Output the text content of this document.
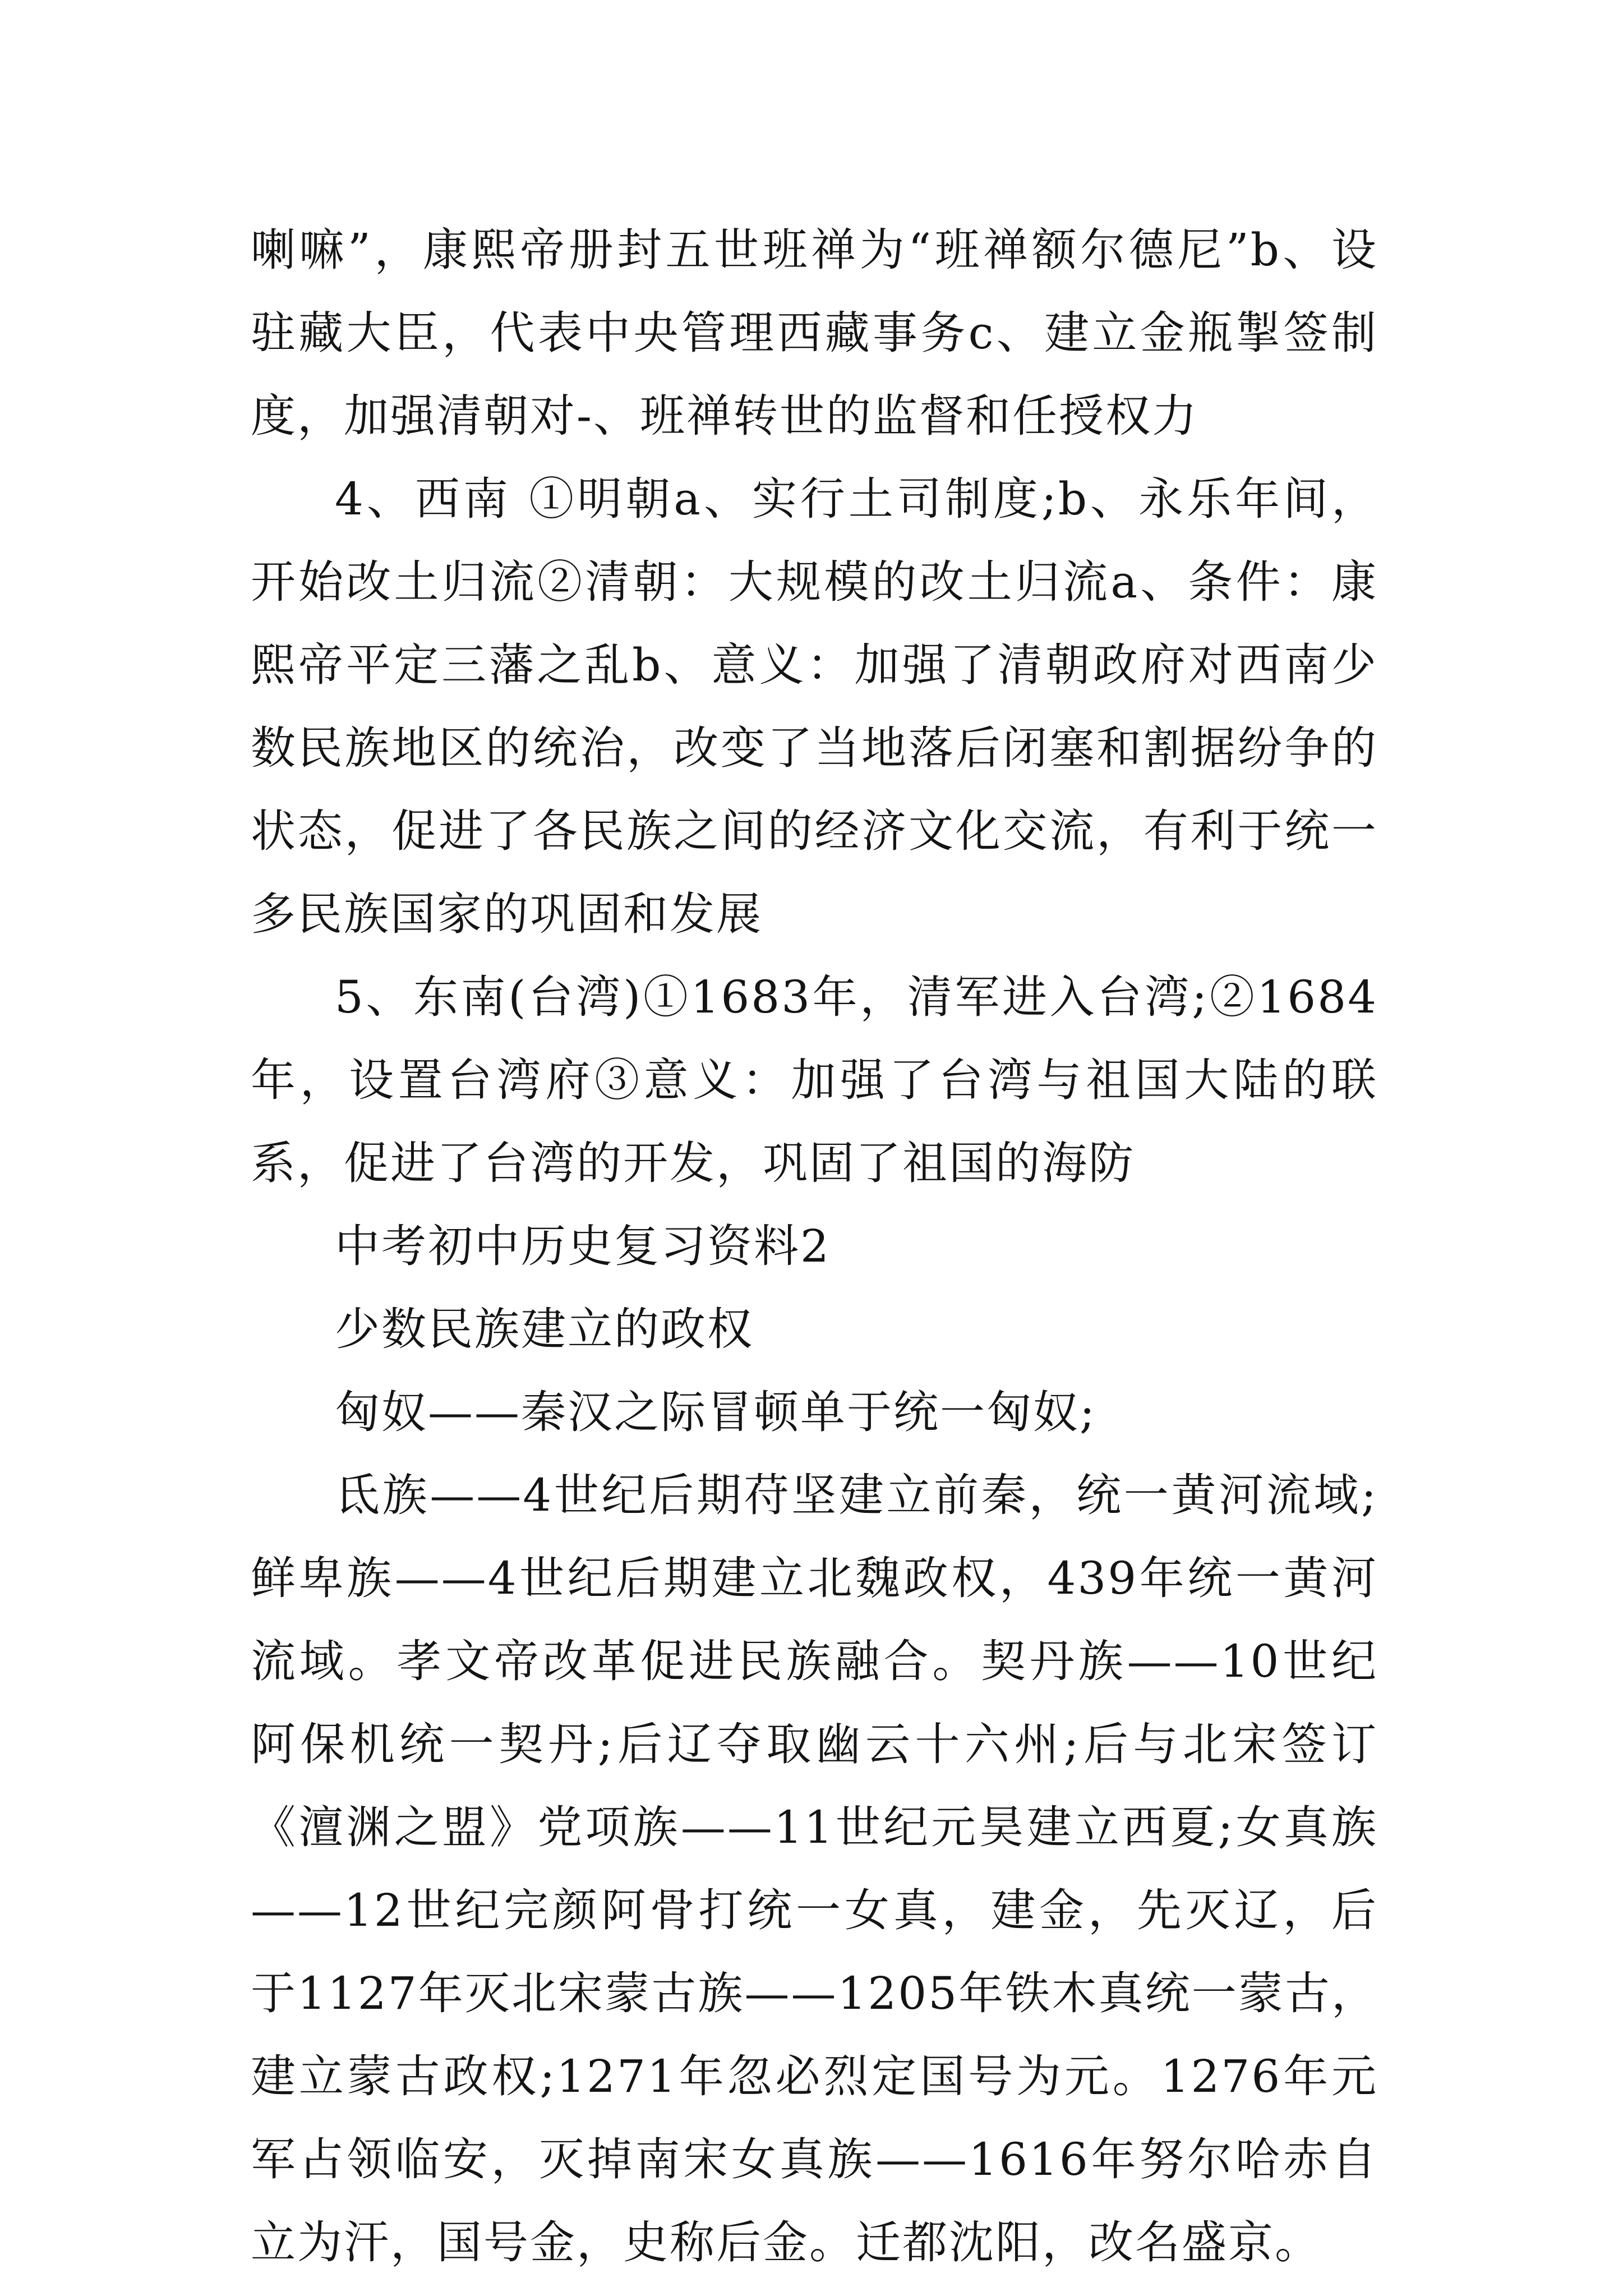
喇嘛”，康熙帝册封五世班禅为“班禅额尔德尼”b、设驻藏大臣，代表中央管理西藏事务c、建立金瓶掣签制度，加强清朝对-、班禅转世的监督和任授权力

4、西南 ①明朝a、实行土司制度;b、永乐年间，开始改土归流②清朝：大规模的改土归流a、条件：康熙帝平定三藩之乱b、意义：加强了清朝政府对西南少数民族地区的统治，改变了当地落后闭塞和割据纷争的状态，促进了各民族之间的经济文化交流，有利于统一多民族国家的巩固和发展

5、东南(台湾)①1683年，清军进入台湾;②1684年，设置台湾府③意义：加强了台湾与祖国大陆的联系，促进了台湾的开发，巩固了祖国的海防

中考初中历史复习资料2

少数民族建立的政权

匈奴——秦汉之际冒顿单于统一匈奴;

氐族——4世纪后期苻坚建立前秦，统一黄河流域;鲜卑族——4世纪后期建立北魏政权，439年统一黄河流域。孝文帝改革促进民族融合。契丹族——10世纪阿保机统一契丹;后辽夺取幽云十六州;后与北宋签订《澶渊之盟》党项族——11世纪元昊建立西夏;女真族——12世纪完颜阿骨打统一女真，建金，先灭辽，后于1127年灭北宋蒙古族——1205年铁木真统一蒙古，建立蒙古政权;1271年忽必烈定国号为元。1276年元军占领临安，灭掉南宋女真族——1616年努尔哈赤自立为汗，国号金，史称后金。迁都沈阳，改名盛京。
